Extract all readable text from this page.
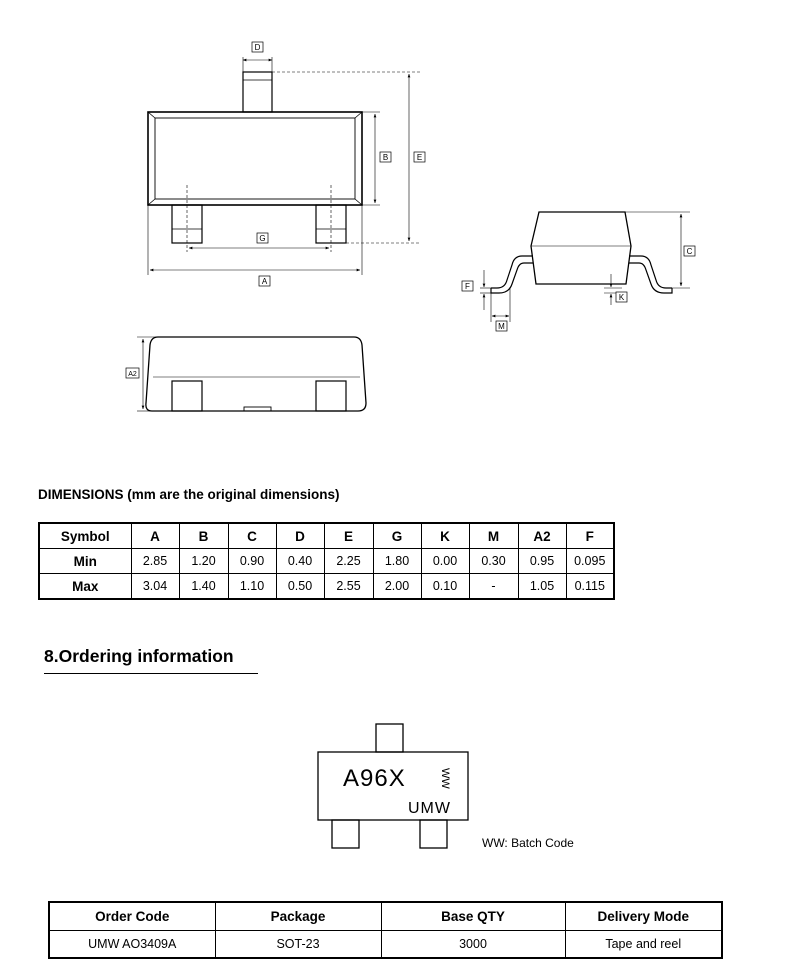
D
B	E
G
A
C
F
K
M
A2
DIMENSIONS (mm are the original dimensions)
Symbol	A	B	C	D	E	G	K	M	A2	F
Min	2.85	1.20	0.90	0.40	2.25	1.80	0.00	0.30	0.95	0.095
Max	3.04	1.40	1.10	0.50	2.55	2.00	0.10	-	1.05	0.115
8.Ordering information
A96X	WW
UMW
WW: Batch Code
Order Code	Package	Base QTY	Delivery Mode
UMW AO3409A	SOT-23	3000	Tape and reel
